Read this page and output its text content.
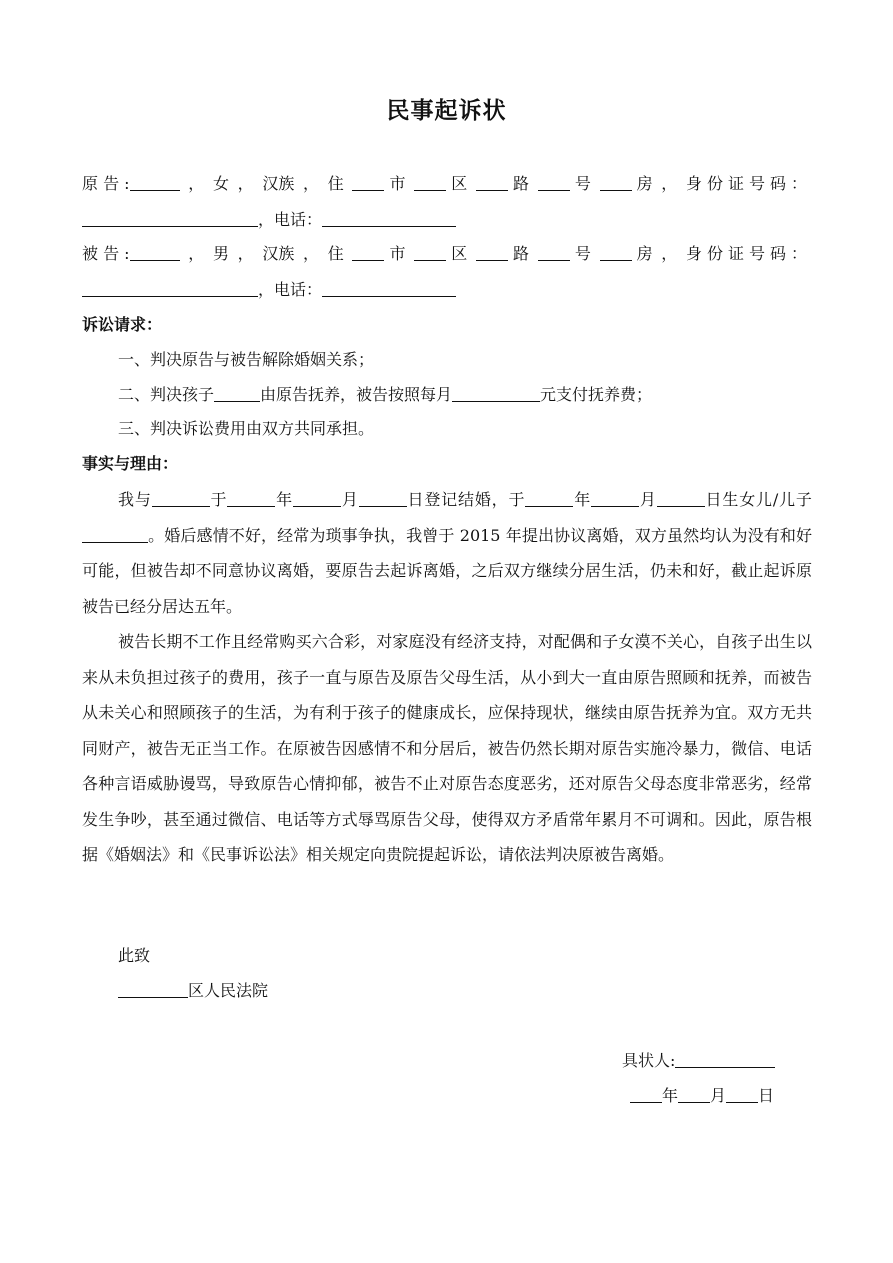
民事起诉状
原 告 :	， 女 ， 汉族 ， 住	市	区	路	号	房 ， 身份证号码：
，电话：
被 告 :	， 男 ， 汉族 ， 住	市	区	路	号	房 ， 身份证号码：
，电话：
诉讼请求：
一、判决原告与被告解除婚姻关系；
二、判决孩子	由原告抚养，被告按照每月	元支付抚养费；
三、判决诉讼费用由双方共同承担。
事实与理由：
我与	于	年	月	日登记结婚，于	年	月	日生女儿/儿子。婚后感情不好，经常为琐事争执，我曾于 2015 年提出协议离婚，双方虽然均认为没有和好可能，但被告却不同意协议离婚，要原告去起诉离婚，之后双方继续分居生活，仍未和好，截止起诉原被告已经分居达五年。
被告长期不工作且经常购买六合彩，对家庭没有经济支持，对配偶和子女漠不关心，自孩子出生以来从未负担过孩子的费用，孩子一直与原告及原告父母生活，从小到大一直由原告照顾和抚养，而被告从未关心和照顾孩子的生活，为有利于孩子的健康成长，应保持现状，继续由原告抚养为宜。双方无共同财产，被告无正当工作。在原被告因感情不和分居后，被告仍然长期对原告实施冷暴力，微信、电话各种言语威胁谩骂，导致原告心情抑郁，被告不止对原告态度恶劣，还对原告父母态度非常恶劣，经常发生争吵，甚至通过微信、电话等方式辱骂原告父母，使得双方矛盾常年累月不可调和。因此，原告根据《婚姻法》和《民事诉讼法》相关规定向贵院提起诉讼，请依法判决原被告离婚。
此致
区人民法院
具状人:
年 月 日
